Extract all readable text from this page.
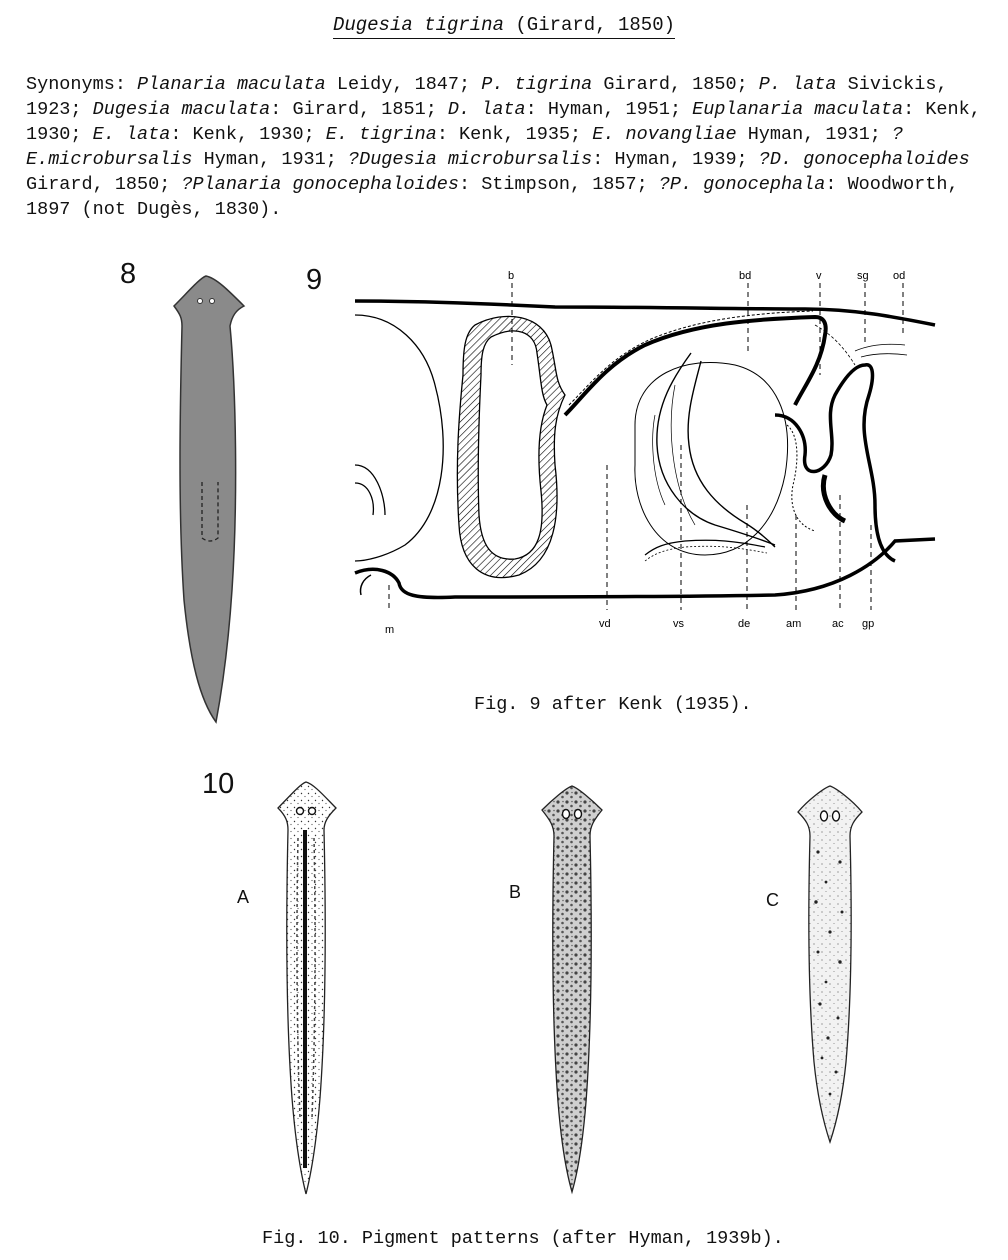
Dugesia tigrina (Girard, 1850)
Synonyms: Planaria maculata Leidy, 1847; P. tigrina Girard, 1850; P. lata Sivickis, 1923; Dugesia maculata: Girard, 1851; D. lata: Hyman, 1951; Euplanaria maculata: Kenk, 1930; E. lata: Kenk, 1930; E. tigrina: Kenk, 1935; E. novangliae Hyman, 1931; ?E.microbursalis Hyman, 1931; ?Dugesia microbursalis: Hyman, 1939; ?D. gonocephaloides Girard, 1850; ?Planaria gonocephaloides: Stimpson, 1857; ?P. gonocephala: Woodworth, 1897 (not Dugès, 1830).
8	9	b	bd	v	sg od
m	vd	vs	de	am	ac gp
Fig. 9 after Kenk (1935).
10
A	B	C
Fig. 10. Pigment patterns (after Hyman, 1939b).
